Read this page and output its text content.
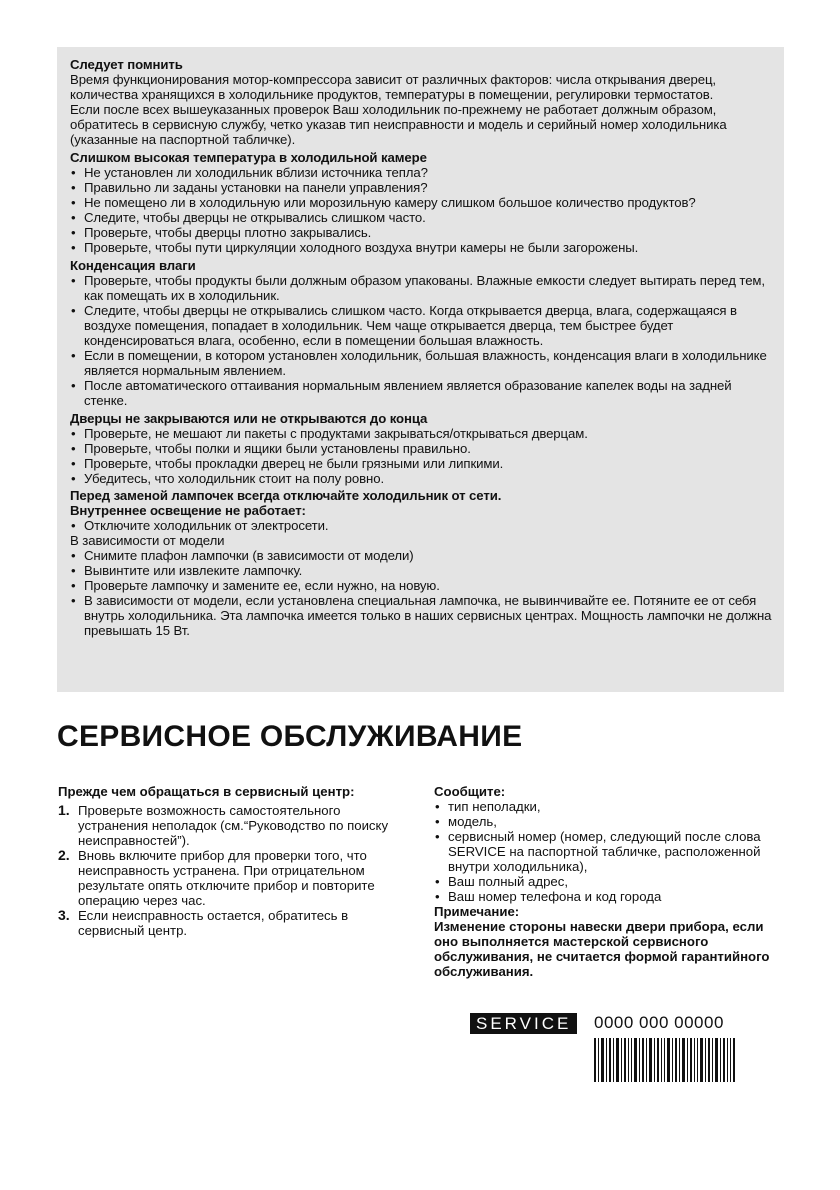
Следует помнить

Время функционирования мотор-компрессора зависит от различных факторов: числа открывания дверец, количества хранящихся в холодильнике продуктов, температуры в помещении, регулировки термостатов.

Если после всех вышеуказанных проверок Ваш холодильник по-прежнему не работает должным образом, обратитесь в сервисную службу, четко указав тип неисправности и модель и серийный номер холодильника (указанные на паспортной табличке).

Слишком высокая температура в холодильной камере
• Не установлен ли холодильник вблизи источника тепла?
• Правильно ли заданы установки на панели управления?
• Не помещено ли в холодильную или морозильную камеру слишком большое количество продуктов?
• Следите, чтобы дверцы не открывались слишком часто.
• Проверьте, чтобы дверцы плотно закрывались.
• Проверьте, чтобы пути циркуляции холодного воздуха внутри камеры не были загорожены.
Конденсация влаги
• Проверьте, чтобы продукты были должным образом упакованы. Влажные емкости следует вытирать перед тем, как помещать их в холодильник.
• Следите, чтобы дверцы не открывались слишком часто. Когда открывается дверца, влага, содержащаяся в воздухе помещения, попадает в холодильник. Чем чаще открывается дверца, тем быстрее будет конденсироваться влага, особенно, если в помещении большая влажность.
• Если в помещении, в котором установлен холодильник, большая влажность, конденсация влаги в холодильнике является нормальным явлением.
• После автоматического оттаивания нормальным явлением является образование капелек воды на задней стенке.
Дверцы не закрываются или не открываются до конца
• Проверьте, не мешают ли пакеты с продуктами закрываться/открываться дверцам.
• Проверьте, чтобы полки и ящики были установлены правильно.
• Проверьте, чтобы прокладки дверец не были грязными или липкими.
• Убедитесь, что холодильник стоит на полу ровно.

Перед заменой лампочек всегда отключайте холодильник от сети.

Внутреннее освещение не работает:
• Отключите холодильник от электросети.

В зависимости от модели

• Снимите плафон лампочки (в зависимости от модели)
• Вывинтите или извлеките лампочку.
• Проверьте лампочку и замените ее, если нужно, на новую.
• В зависимости от модели, если установлена специальная лампочка, не вывинчивайте ее. Потяните ее от себя внутрь холодильника. Эта лампочка имеется только в наших сервисных центрах. Мощность лампочки не должна превышать 15 Вт.
СЕРВИСНОЕ ОБСЛУЖИВАНИЕ
Прежде чем обращаться в сервисный центр:
1. Проверьте возможность самостоятельного устранения неполадок (см.“Руководство по поиску неисправностей”).
2. Вновь включите прибор для проверки того, что неисправность устранена. При отрицательном результате опять отключите прибор и повторите операцию через час.
3. Если неисправность остается, обратитесь в сервисный центр.
Сообщите:
• тип неполадки,
• модель,
• сервисный номер (номер, следующий после слова SERVICE на паспортной табличке, расположенной внутри холодильника),
• Ваш полный адрес,
• Ваш номер телефона и код города
Примечание:

Изменение стороны навески двери прибора, если оно выполняется мастерской сервисного обслуживания, не считается формой гарантийного обслуживания.

SERVICE	0000 000 00000
